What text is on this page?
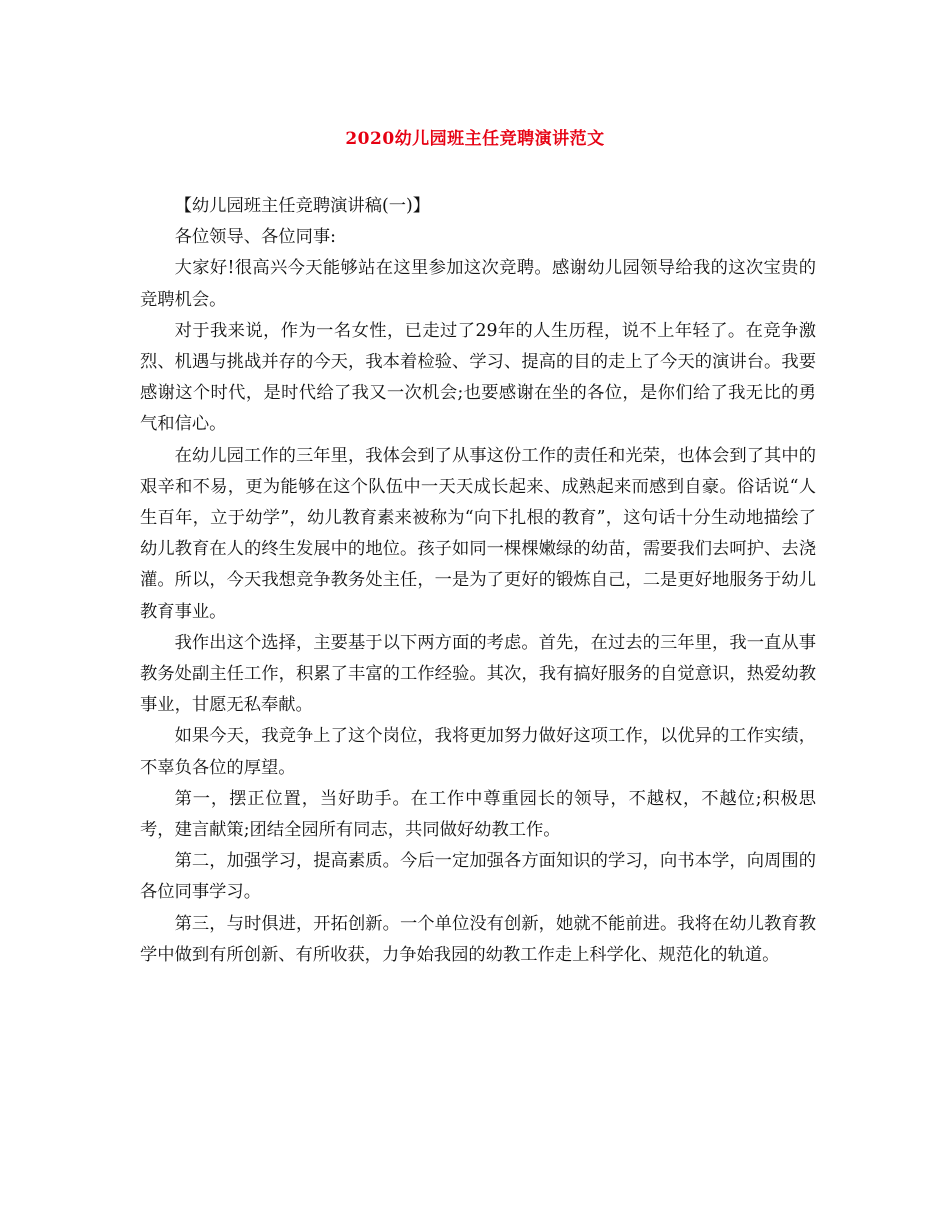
2020幼儿园班主任竞聘演讲范文

【幼儿园班主任竞聘演讲稿(一)】

各位领导、各位同事:

大家好!很高兴今天能够站在这里参加这次竞聘。感谢幼儿园领导给我的这次宝贵的竞聘机会。

对于我来说，作为一名女性，已走过了29年的人生历程，说不上年轻了。在竞争激烈、机遇与挑战并存的今天，我本着检验、学习、提高的目的走上了今天的演讲台。我要感谢这个时代，是时代给了我又一次机会;也要感谢在坐的各位，是你们给了我无比的勇气和信心。

在幼儿园工作的三年里，我体会到了从事这份工作的责任和光荣，也体会到了其中的艰辛和不易，更为能够在这个队伍中一天天成长起来、成熟起来而感到自豪。俗话说“人生百年，立于幼学”，幼儿教育素来被称为“向下扎根的教育”，这句话十分生动地描绘了幼儿教育在人的终生发展中的地位。孩子如同一棵棵嫩绿的幼苗，需要我们去呵护、去浇灌。所以，今天我想竞争教务处主任，一是为了更好的锻炼自己，二是更好地服务于幼儿教育事业。

我作出这个选择，主要基于以下两方面的考虑。首先，在过去的三年里，我一直从事教务处副主任工作，积累了丰富的工作经验。其次，我有搞好服务的自觉意识，热爱幼教事业，甘愿无私奉献。

如果今天，我竞争上了这个岗位，我将更加努力做好这项工作，以优异的工作实绩，不辜负各位的厚望。

第一，摆正位置，当好助手。在工作中尊重园长的领导，不越权，不越位;积极思考，建言献策;团结全园所有同志，共同做好幼教工作。

第二，加强学习，提高素质。今后一定加强各方面知识的学习，向书本学，向周围的各位同事学习。

第三，与时俱进，开拓创新。一个单位没有创新，她就不能前进。我将在幼儿教育教学中做到有所创新、有所收获，力争始我园的幼教工作走上科学化、规范化的轨道。
